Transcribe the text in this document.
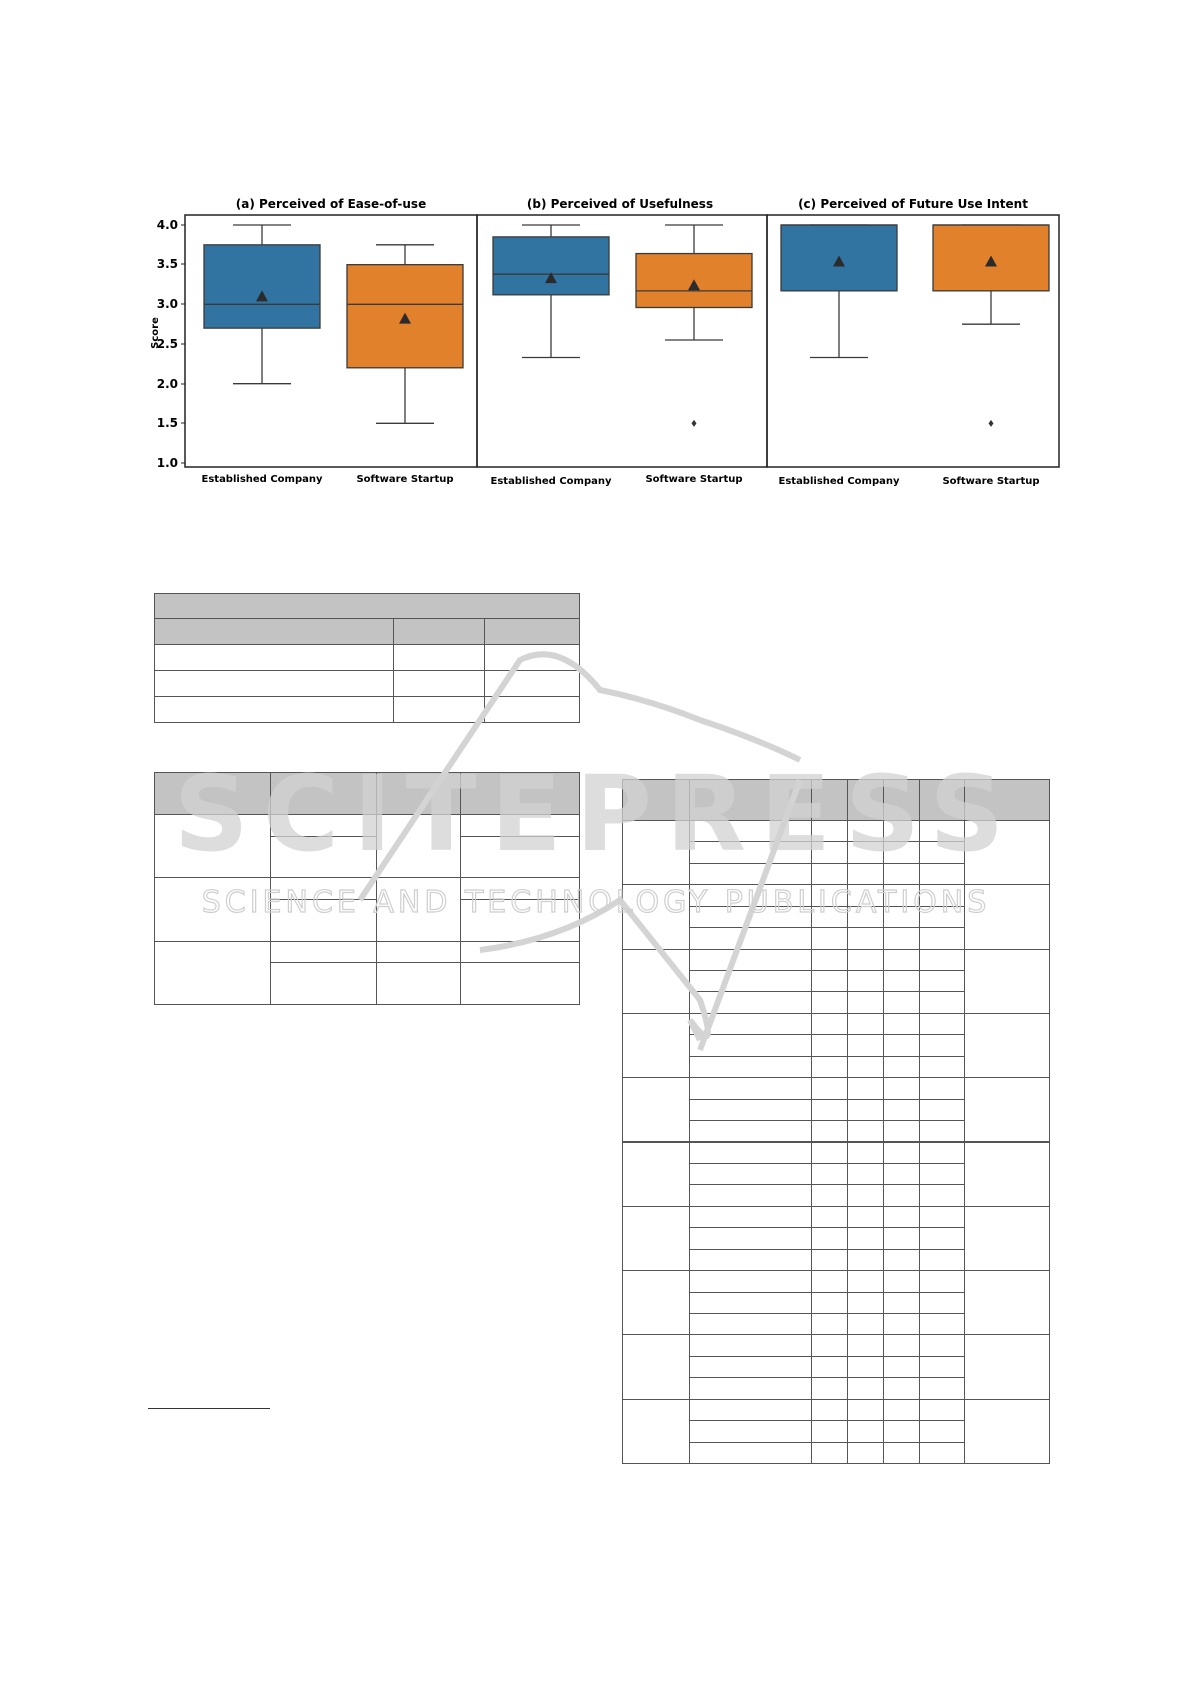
(a) Perceived of Ease-of-use
Score
1.0
1.5
2.0
2.5
3.0
3.5
4.0
Established Company	Software Startup
(b) Perceived of Usefulness
Established Company	Software Startup
(c) Perceived of Future Use Intent
Established Company	Software Startup
SCITEPRESS
SCIENCE AND TECHNOLOGY PUBLICATIONS
